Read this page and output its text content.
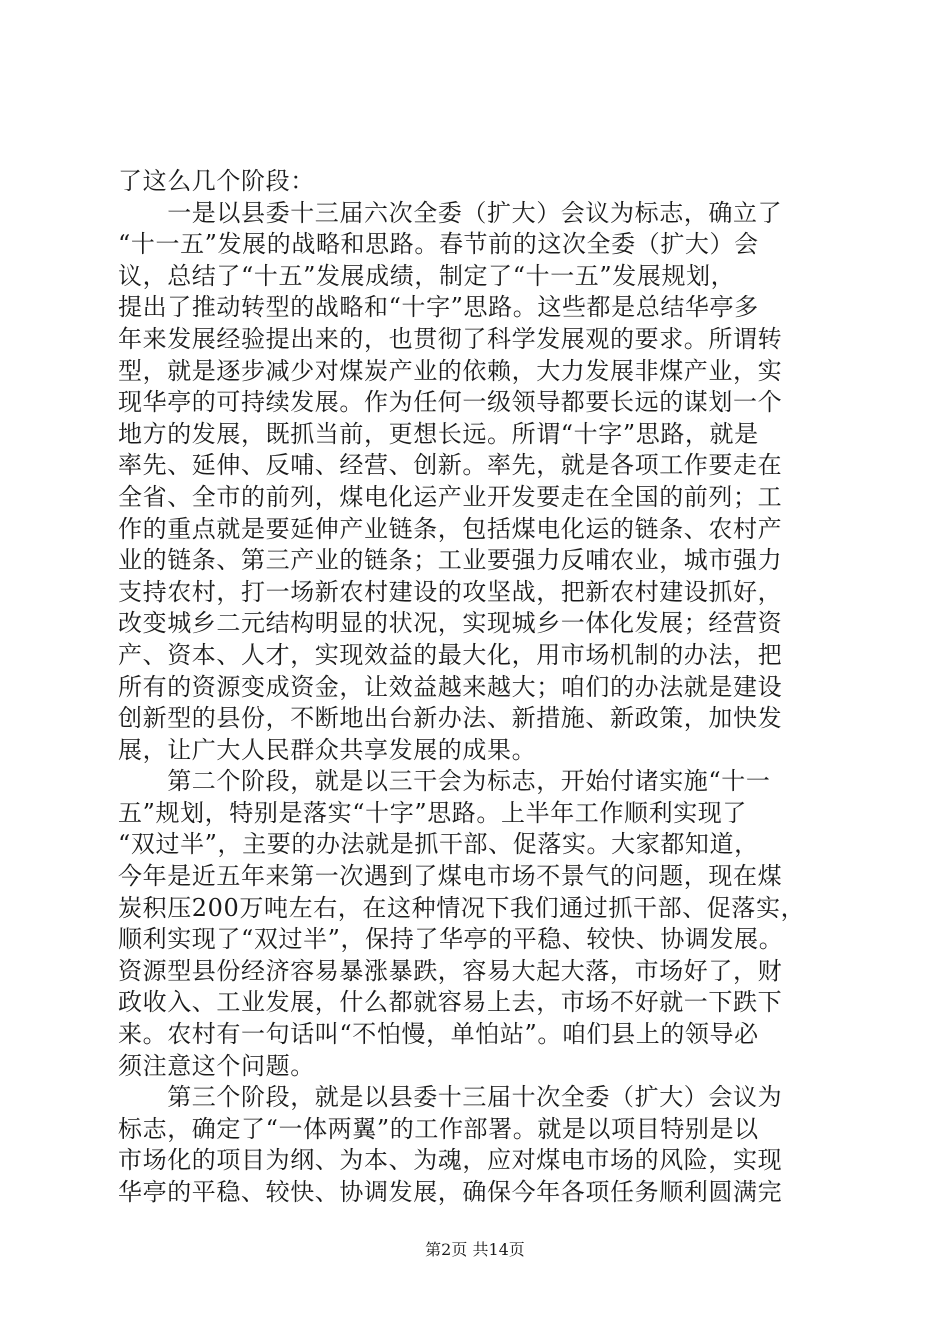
了这么几个阶段：
　　一是以县委十三届六次全委（扩大）会议为标志，确立了
“十一五”发展的战略和思路。春节前的这次全委（扩大）会
议，总结了“十五”发展成绩，制定了“十一五”发展规划，
提出了推动转型的战略和“十字”思路。这些都是总结华亭多
年来发展经验提出来的，也贯彻了科学发展观的要求。所谓转
型，就是逐步减少对煤炭产业的依赖，大力发展非煤产业，实
现华亭的可持续发展。作为任何一级领导都要长远的谋划一个
地方的发展，既抓当前，更想长远。所谓“十字”思路，就是
率先、延伸、反哺、经营、创新。率先，就是各项工作要走在
全省、全市的前列，煤电化运产业开发要走在全国的前列；工
作的重点就是要延伸产业链条，包括煤电化运的链条、农村产
业的链条、第三产业的链条；工业要强力反哺农业，城市强力
支持农村，打一场新农村建设的攻坚战，把新农村建设抓好，
改变城乡二元结构明显的状况，实现城乡一体化发展；经营资
产、资本、人才，实现效益的最大化，用市场机制的办法，把
所有的资源变成资金，让效益越来越大；咱们的办法就是建设
创新型的县份，不断地出台新办法、新措施、新政策，加快发
展，让广大人民群众共享发展的成果。
　　第二个阶段，就是以三干会为标志，开始付诸实施“十一
五”规划，特别是落实“十字”思路。上半年工作顺利实现了
“双过半”，主要的办法就是抓干部、促落实。大家都知道，
今年是近五年来第一次遇到了煤电市场不景气的问题，现在煤
炭积压200万吨左右，在这种情况下我们通过抓干部、促落实，
顺利实现了“双过半”，保持了华亭的平稳、较快、协调发展。
资源型县份经济容易暴涨暴跌，容易大起大落，市场好了，财
政收入、工业发展，什么都就容易上去，市场不好就一下跌下
来。农村有一句话叫“不怕慢，单怕站”。咱们县上的领导必
须注意这个问题。
　　第三个阶段，就是以县委十三届十次全委（扩大）会议为
标志，确定了“一体两翼”的工作部署。就是以项目特别是以
市场化的项目为纲、为本、为魂，应对煤电市场的风险，实现
华亭的平稳、较快、协调发展，确保今年各项任务顺利圆满完
第2页 共14页
